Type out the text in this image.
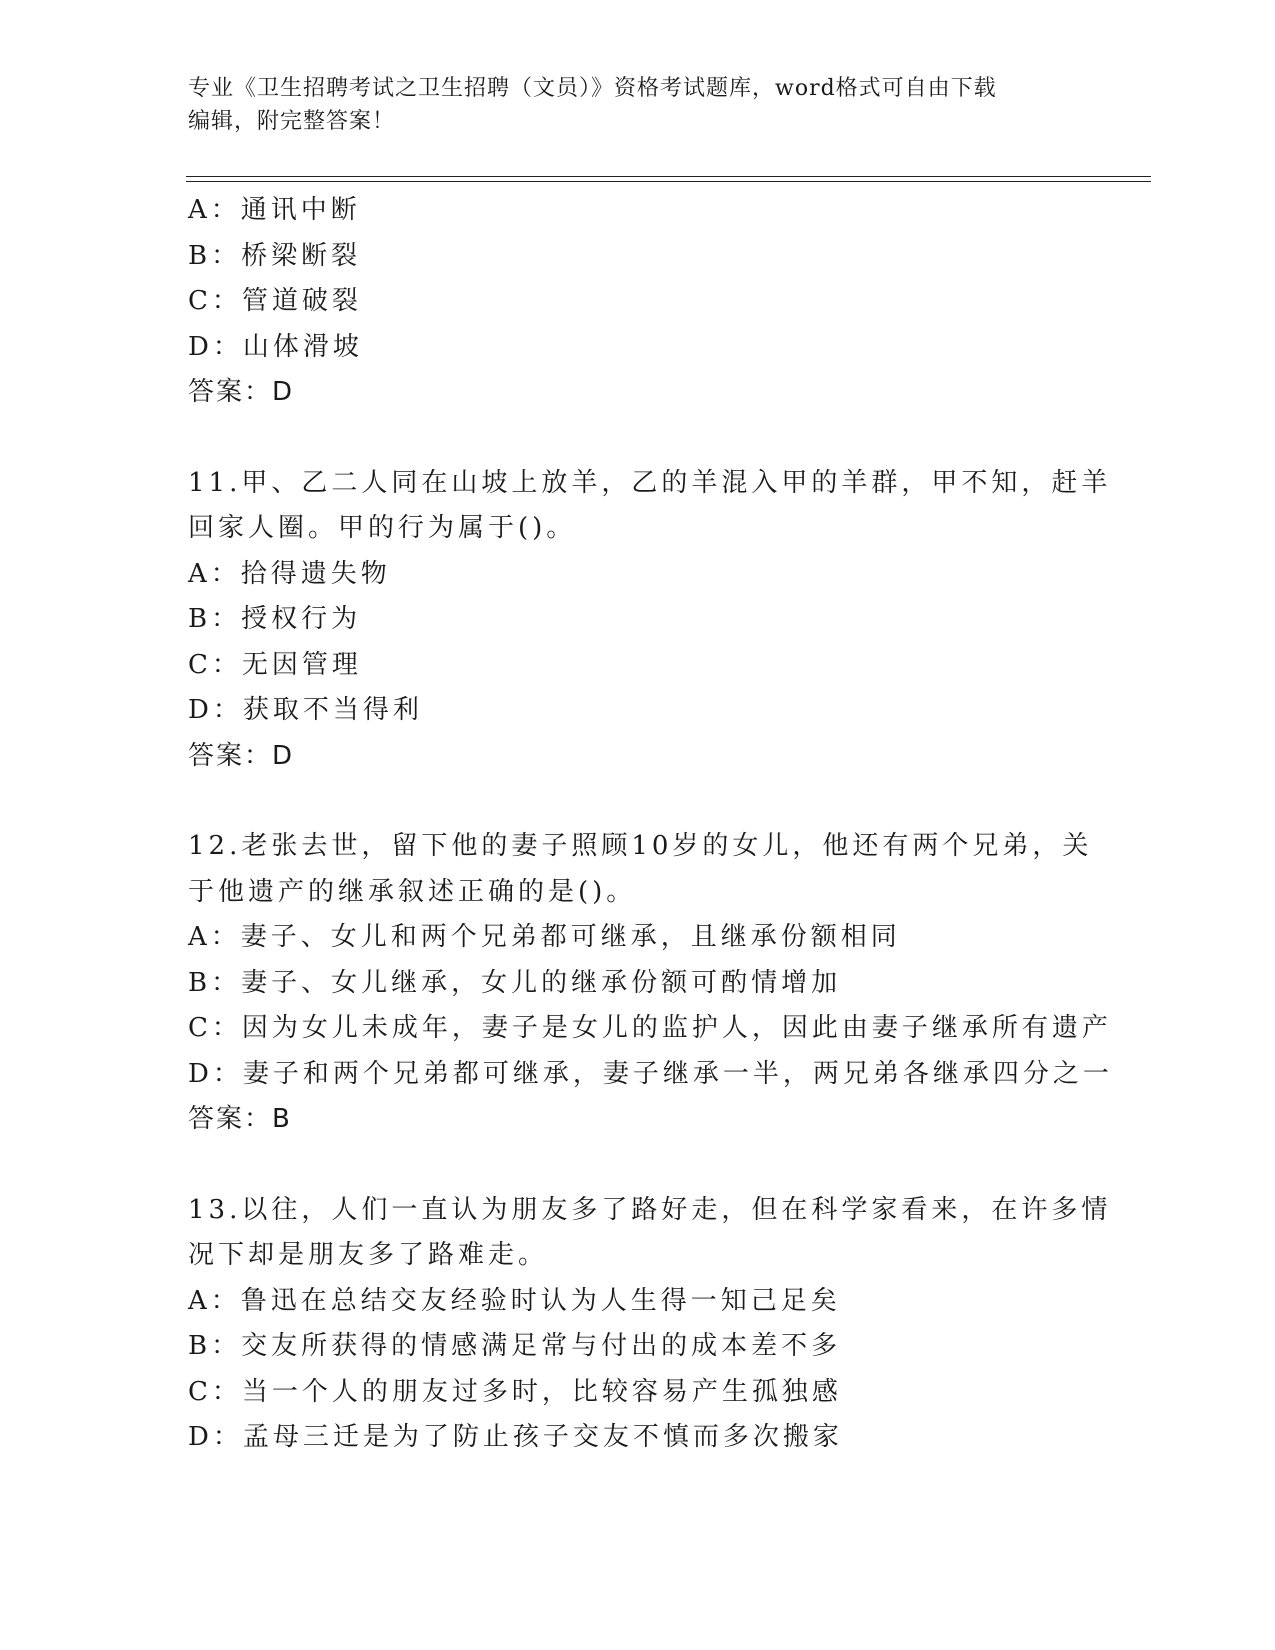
专业《卫生招聘考试之卫生招聘（文员）》资格考试题库，word格式可自由下载
编辑，附完整答案！
A：通讯中断
B：桥梁断裂
C：管道破裂
D：山体滑坡
答案：D
11.甲、乙二人同在山坡上放羊，乙的羊混入甲的羊群，甲不知，赶羊
回家人圈。甲的行为属于()。
A：拾得遗失物
B：授权行为
C：无因管理
D：获取不当得利
答案：D
12.老张去世，留下他的妻子照顾10岁的女儿，他还有两个兄弟，关
于他遗产的继承叙述正确的是()。
A：妻子、女儿和两个兄弟都可继承，且继承份额相同
B：妻子、女儿继承，女儿的继承份额可酌情增加
C：因为女儿未成年，妻子是女儿的监护人，因此由妻子继承所有遗产
D：妻子和两个兄弟都可继承，妻子继承一半，两兄弟各继承四分之一
答案：B
13.以往，人们一直认为朋友多了路好走，但在科学家看来，在许多情
况下却是朋友多了路难走。
A：鲁迅在总结交友经验时认为人生得一知己足矣
B：交友所获得的情感满足常与付出的成本差不多
C：当一个人的朋友过多时，比较容易产生孤独感
D：孟母三迁是为了防止孩子交友不慎而多次搬家
